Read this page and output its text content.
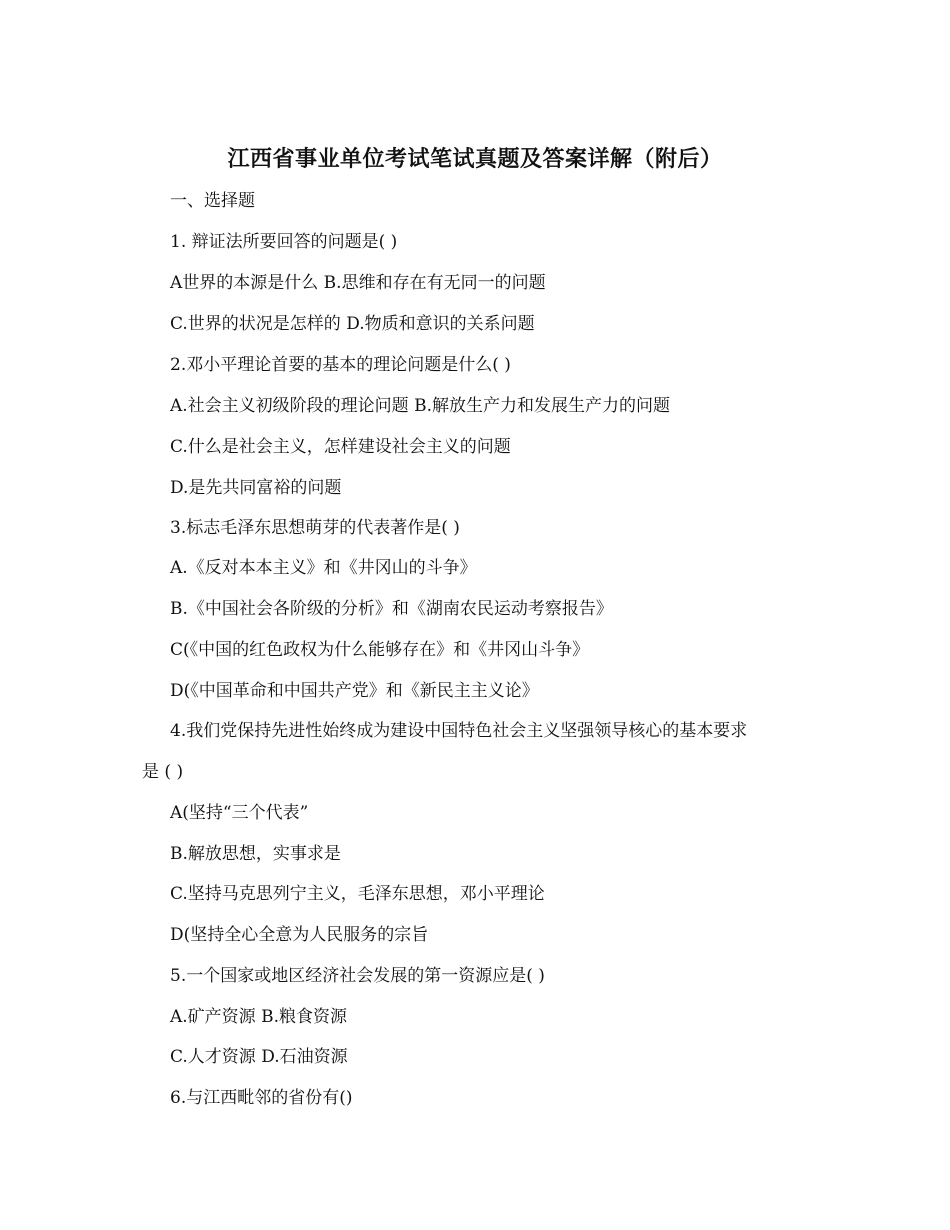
江西省事业单位考试笔试真题及答案详解（附后）
一、选择题
1. 辩证法所要回答的问题是( )
A世界的本源是什么 B.思维和存在有无同一的问题
C.世界的状况是怎样的 D.物质和意识的关系问题
2.邓小平理论首要的基本的理论问题是什么( )
A.社会主义初级阶段的理论问题 B.解放生产力和发展生产力的问题
C.什么是社会主义，怎样建设社会主义的问题
D.是先共同富裕的问题
3.标志毛泽东思想萌芽的代表著作是( )
A.《反对本本主义》和《井冈山的斗争》
B.《中国社会各阶级的分析》和《湖南农民运动考察报告》
C(《中国的红色政权为什么能够存在》和《井冈山斗争》
D(《中国革命和中国共产党》和《新民主主义论》
4.我们党保持先进性始终成为建设中国特色社会主义坚强领导核心的基本要求
是 ( )
A(坚持“三个代表”
B.解放思想，实事求是
C.坚持马克思列宁主义，毛泽东思想，邓小平理论
D(坚持全心全意为人民服务的宗旨
5.一个国家或地区经济社会发展的第一资源应是( )
A.矿产资源 B.粮食资源
C.人才资源 D.石油资源
6.与江西毗邻的省份有()
